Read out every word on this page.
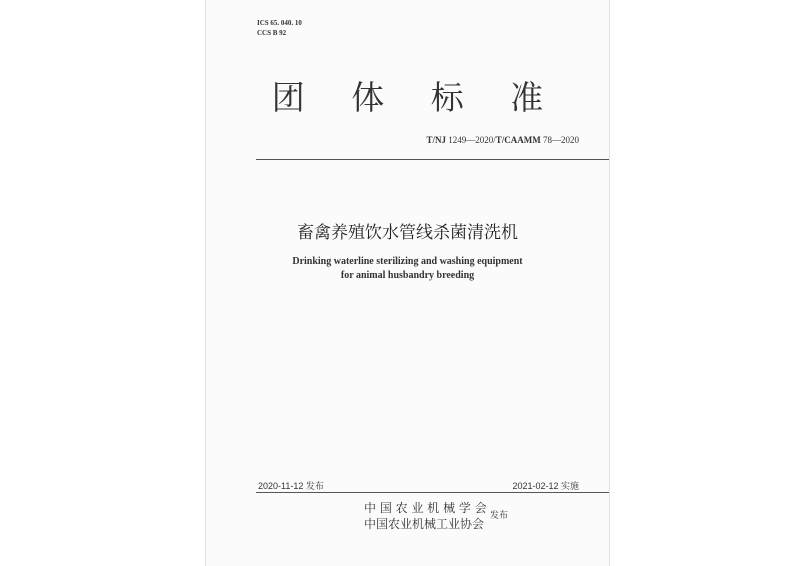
ICS 65. 040. 10
CCS B 92
团 体 标 准
T/NJ 1249—2020/T/CAAMM 78—2020
畜禽养殖饮水管线杀菌清洗机
Drinking waterline sterilizing and washing equipment
for animal husbandry breeding
2020-11-12 发布	2021-02-12 实施
中 国 农 业 机 械 学 会
中国农业机械工业协会
发布
